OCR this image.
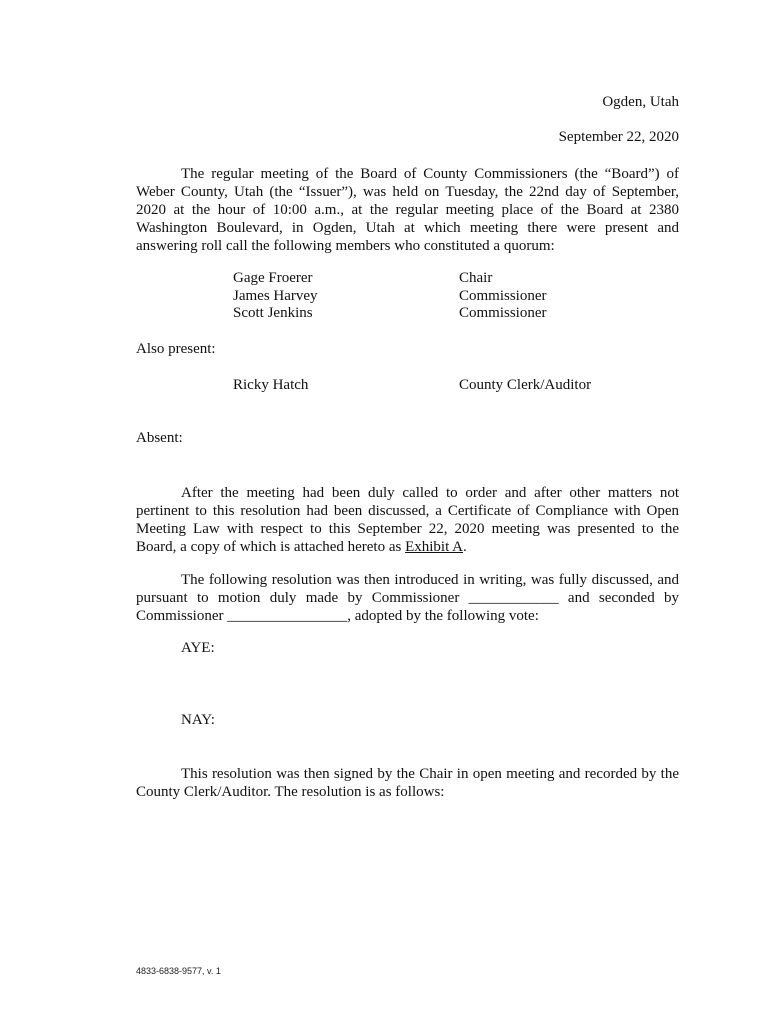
Ogden, Utah
September 22, 2020
The regular meeting of the Board of County Commissioners (the “Board”) of Weber County, Utah (the “Issuer”), was held on Tuesday, the 22nd day of September, 2020 at the hour of 10:00 a.m., at the regular meeting place of the Board at 2380 Washington Boulevard, in Ogden, Utah at which meeting there were present and answering roll call the following members who constituted a quorum:
Gage Froerer	Chair
James Harvey	Commissioner
Scott Jenkins	Commissioner
Also present:
Ricky Hatch	County Clerk/Auditor
Absent:
After the meeting had been duly called to order and after other matters not pertinent to this resolution had been discussed, a Certificate of Compliance with Open Meeting Law with respect to this September 22, 2020 meeting was presented to the Board, a copy of which is attached hereto as Exhibit A.
The following resolution was then introduced in writing, was fully discussed, and pursuant to motion duly made by Commissioner ____________ and seconded by Commissioner ________________, adopted by the following vote:
AYE:
NAY:
This resolution was then signed by the Chair in open meeting and recorded by the County Clerk/Auditor. The resolution is as follows:
4833-6838-9577, v. 1
